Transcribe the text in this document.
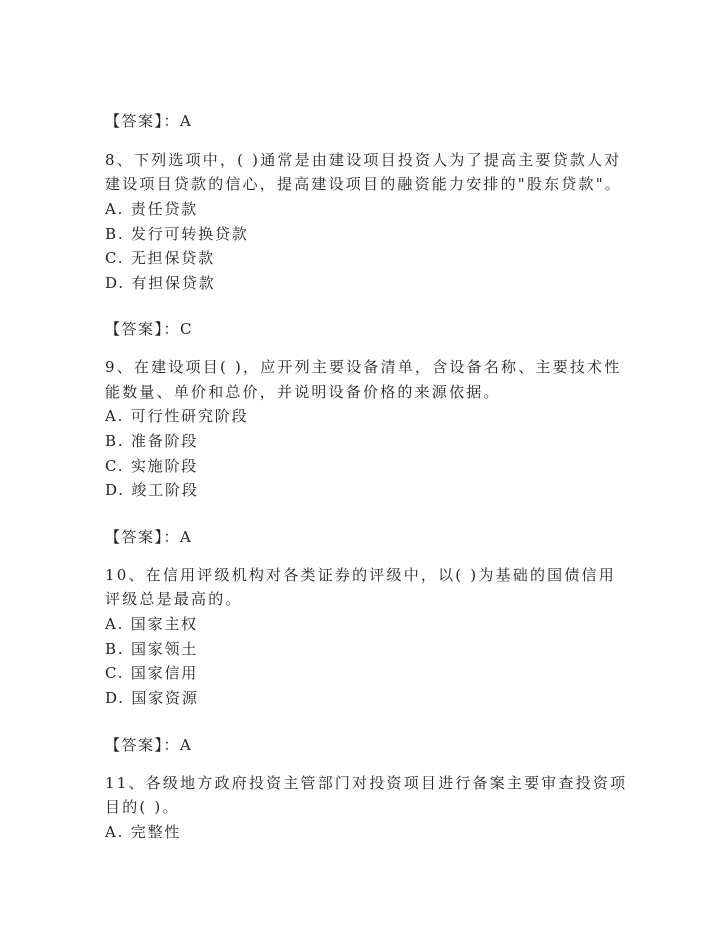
【答案】：A
8、下列选项中，( )通常是由建设项目投资人为了提高主要贷款人对
建设项目贷款的信心，提高建设项目的融资能力安排的"股东贷款"。
A. 责任贷款
B. 发行可转换贷款
C. 无担保贷款
D. 有担保贷款
【答案】：C
9、在建设项目( )，应开列主要设备清单，含设备名称、主要技术性
能数量、单价和总价，并说明设备价格的来源依据。
A. 可行性研究阶段
B. 准备阶段
C. 实施阶段
D. 竣工阶段
【答案】：A
10、在信用评级机构对各类证券的评级中，以( )为基础的国债信用
评级总是最高的。
A. 国家主权
B. 国家领土
C. 国家信用
D. 国家资源
【答案】：A
11、各级地方政府投资主管部门对投资项目进行备案主要审查投资项
目的( )。
A. 完整性
